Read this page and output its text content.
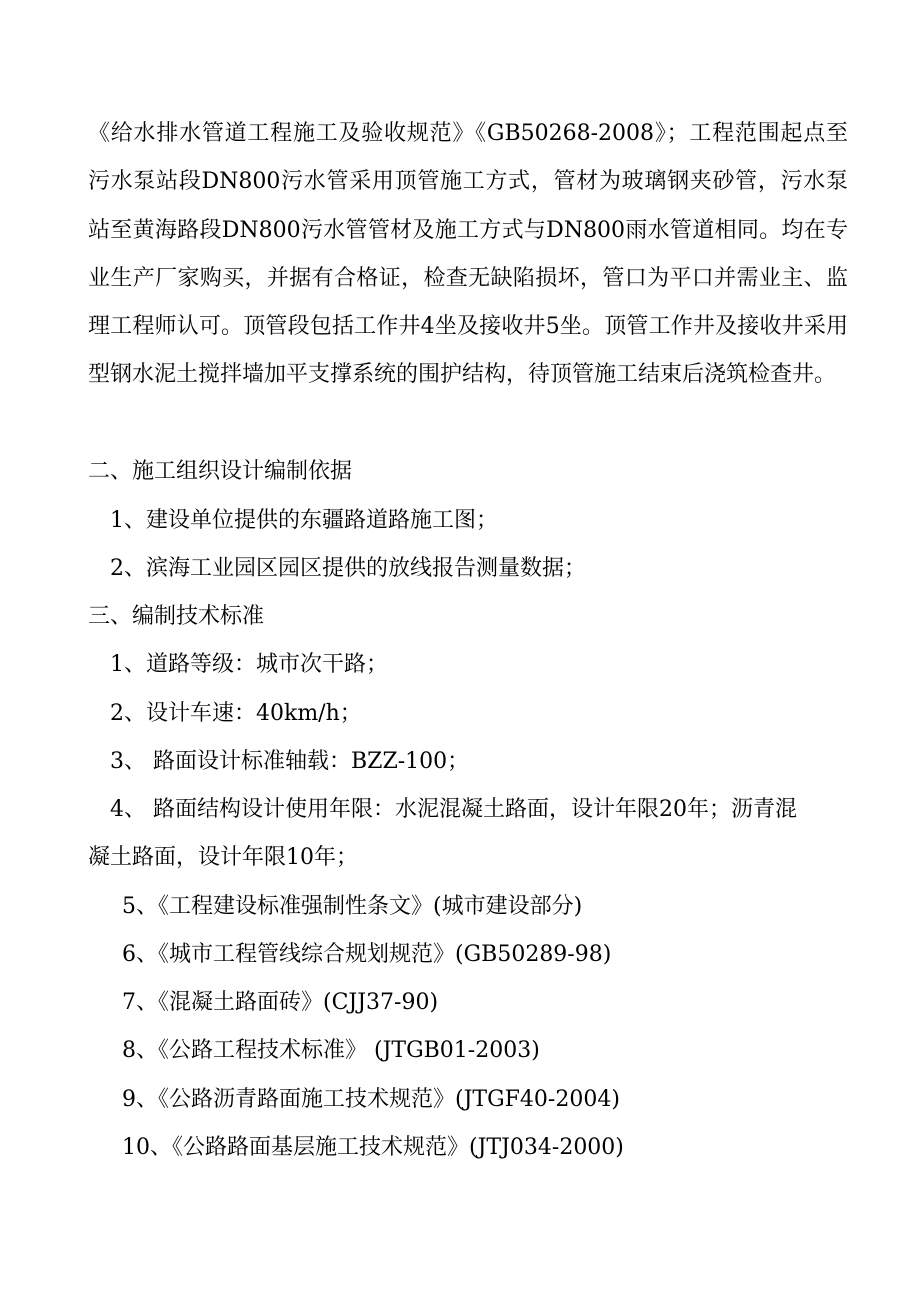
《给水排水管道工程施工及验收规范》《GB50268-2008》；工程范围起点至污水泵站段DN800污水管采用顶管施工方式，管材为玻璃钢夹砂管，污水泵站至黄海路段DN800污水管管材及施工方式与DN800雨水管道相同。均在专业生产厂家购买，并据有合格证，检查无缺陷损坏，管口为平口并需业主、监理工程师认可。顶管段包括工作井4坐及接收井5坐。顶管工作井及接收井采用型钢水泥土搅拌墙加平支撑系统的围护结构，待顶管施工结束后浇筑检查井。

二、施工组织设计编制依据

1、建设单位提供的东疆路道路施工图；

2、滨海工业园区园区提供的放线报告测量数据；

三、编制技术标准

1、道路等级：城市次干路；

2、设计车速：40km/h；

3、 路面设计标准轴载：BZZ-100；

4、 路面结构设计使用年限：水泥混凝土路面，设计年限20年；沥青混

凝土路面，设计年限10年；

5、《工程建设标准强制性条文》(城市建设部分)

6、《城市工程管线综合规划规范》(GB50289-98)

7、《混凝土路面砖》(CJJ37-90)

8、《公路工程技术标准》 (JTGB01-2003)

9、《公路沥青路面施工技术规范》(JTGF40-2004)

10、《公路路面基层施工技术规范》(JTJ034-2000)
